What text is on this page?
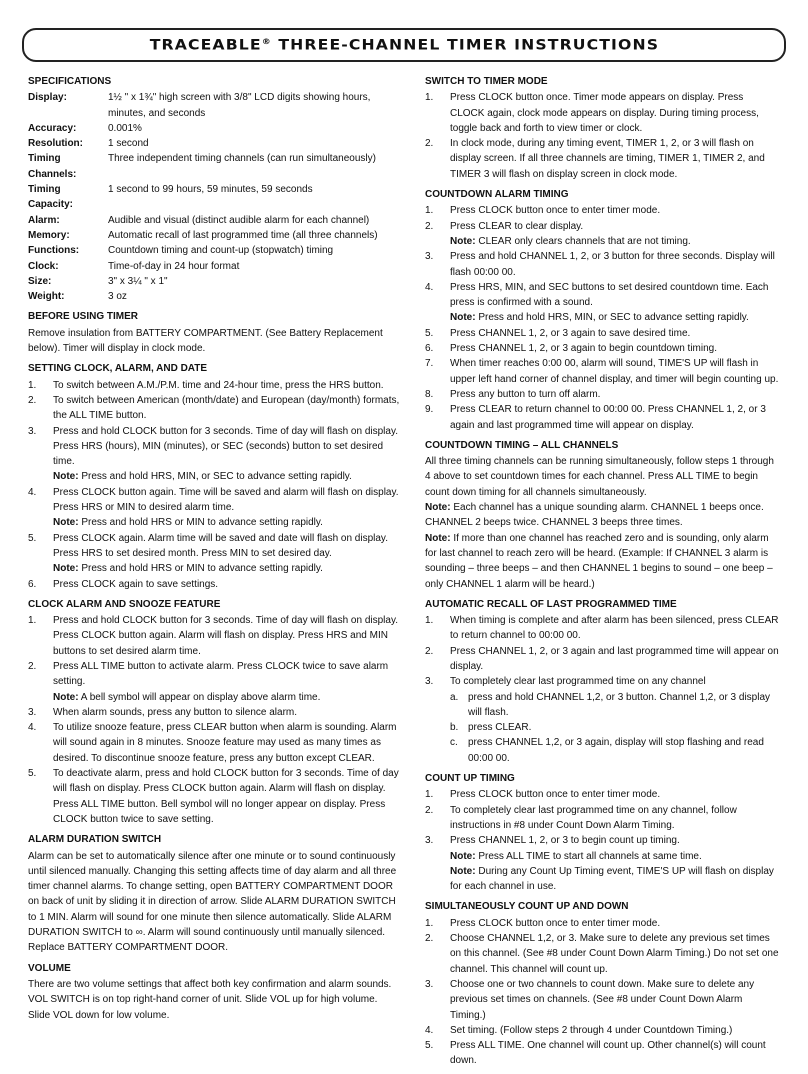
TRACEABLE® THREE-CHANNEL TIMER INSTRUCTIONS
SPECIFICATIONS
Display:	1½ " x 1¾" high screen with 3/8" LCD digits showing hours, minutes, and seconds
Accuracy:	0.001%
Resolution:	1 second
Timing Channels:
Three independent timing channels (can run simultaneously)
Timing Capacity:
1 second to 99 hours, 59 minutes, 59 seconds
Alarm:	Audible and visual (distinct audible alarm for each channel)
Memory:	Automatic recall of last programmed time (all three channels)
Functions:	Countdown timing and count-up (stopwatch) timing
Clock:	Time-of-day in 24 hour format
Size:	3" x 3¼ " x 1"
Weight:	3 oz
BEFORE USING TIMER

Remove insulation from BATTERY COMPARTMENT. (See Battery Replacement below). Timer will display in clock mode.

SETTING CLOCK, ALARM, AND DATE
1.	To switch between A.M./P.M. time and 24-hour time, press the HRS button.
2.	To switch between American (month/date) and European (day/month) formats, the ALL TIME button.
3.	Press and hold CLOCK button for 3 seconds. Time of day will flash on display. Press HRS (hours), MIN (minutes), or SEC (seconds) button to set desired time.
Note: Press and hold HRS, MIN, or SEC to advance setting rapidly.
4.	Press CLOCK button again. Time will be saved and alarm will flash on display. Press HRS or MIN to desired alarm time.
Note: Press and hold HRS or MIN to advance setting rapidly.
5.	Press CLOCK again. Alarm time will be saved and date will flash on display. Press HRS to set desired month. Press MIN to set desired day.
Note: Press and hold HRS or MIN to advance setting rapidly.
6.	Press CLOCK again to save settings.
CLOCK ALARM AND SNOOZE FEATURE
1.	Press and hold CLOCK button for 3 seconds. Time of day will flash on display. Press CLOCK button again. Alarm will flash on display. Press HRS and MIN buttons to set desired alarm time.
2.	Press ALL TIME button to activate alarm. Press CLOCK twice to save alarm setting.
Note: A bell symbol will appear on display above alarm time.
3.	When alarm sounds, press any button to silence alarm.
4.	To utilize snooze feature, press CLEAR button when alarm is sounding. Alarm will sound again in 8 minutes. Snooze feature may used as many times as desired. To discontinue snooze feature, press any button except CLEAR.
5.	To deactivate alarm, press and hold CLOCK button for 3 seconds. Time of day will flash on display. Press CLOCK button again. Alarm will flash on display. Press ALL TIME button. Bell symbol will no longer appear on display. Press CLOCK button twice to save setting.
ALARM DURATION SWITCH

Alarm can be set to automatically silence after one minute or to sound continuously until silenced manually. Changing this setting affects time of day alarm and all three timer channel alarms. To change setting, open BATTERY COMPARTMENT DOOR on back of unit by sliding it in direction of arrow. Slide ALARM DURATION SWITCH to 1 MIN. Alarm will sound for one minute then silence automatically. Slide ALARM DURATION SWITCH to ∞. Alarm will sound continuously until manually silenced. Replace BATTERY COMPARTMENT DOOR.

VOLUME

There are two volume settings that affect both key confirmation and alarm sounds. VOL SWITCH is on top right-hand corner of unit. Slide VOL up for high volume. Slide VOL down for low volume.

SWITCH TO TIMER MODE
1.	Press CLOCK button once. Timer mode appears on display. Press CLOCK again, clock mode appears on display. During timing process, toggle back and forth to view timer or clock.
2.	In clock mode, during any timing event, TIMER 1, 2, or 3 will flash on display screen. If all three channels are timing, TIMER 1, TIMER 2, and TIMER 3 will flash on display screen in clock mode.
COUNTDOWN ALARM TIMING
1.	Press CLOCK button once to enter timer mode.
2.	Press CLEAR to clear display.
Note: CLEAR only clears channels that are not timing.
3.	Press and hold CHANNEL 1, 2, or 3 button for three seconds. Display will flash 00:00 00.
4.	Press HRS, MIN, and SEC buttons to set desired countdown time. Each press is confirmed with a sound.
Note: Press and hold HRS, MIN, or SEC to advance setting rapidly.
5.	Press CHANNEL 1, 2, or 3 again to save desired time.
6.	Press CHANNEL 1, 2, or 3 again to begin countdown timing.
7.	When timer reaches 0:00 00, alarm will sound, TIME'S UP will flash in upper left hand corner of channel display, and timer will begin counting up.
8.	Press any button to turn off alarm.
9.	Press CLEAR to return channel to 00:00 00. Press CHANNEL 1, 2, or 3 again and last programmed time will appear on display.
COUNTDOWN TIMING – ALL CHANNELS

All three timing channels can be running simultaneously, follow steps 1 through 4 above to set countdown times for each channel. Press ALL TIME to begin count down timing for all channels simultaneously.

Note: Each channel has a unique sounding alarm. CHANNEL 1 beeps once. CHANNEL 2 beeps twice. CHANNEL 3 beeps three times.

Note: If more than one channel has reached zero and is sounding, only alarm for last channel to reach zero will be heard. (Example: If CHANNEL 3 alarm is sounding – three beeps – and then CHANNEL 1 begins to sound – one beep – only CHANNEL 1 alarm will be heard.)

AUTOMATIC RECALL OF LAST PROGRAMMED TIME
1.	When timing is complete and after alarm has been silenced, press CLEAR to return channel to 00:00 00.
2.	Press CHANNEL 1, 2, or 3 again and last programmed time will appear on display.
3.	To completely clear last programmed time on any channel
a. press and hold CHANNEL 1,2, or 3 button. Channel 1,2, or 3 display will flash.
b. press CLEAR.
c.	press CHANNEL 1,2, or 3 again, display will stop flashing and read 00:00 00.
COUNT UP TIMING
1.	Press CLOCK button once to enter timer mode.
2.	To completely clear last programmed time on any channel, follow instructions in #8 under Count Down Alarm Timing.
3.	Press CHANNEL 1, 2, or 3 to begin count up timing.
Note: Press ALL TIME to start all channels at same time.
Note: During any Count Up Timing event, TIME'S UP will flash on display for each channel in use.
SIMULTANEOUSLY COUNT UP AND DOWN
1.	Press CLOCK button once to enter timer mode.
2.	Choose CHANNEL 1,2, or 3. Make sure to delete any previous set times on this channel. (See #8 under Count Down Alarm Timing.) Do not set one channel. This channel will count up.
3.	Choose one or two channels to count down. Make sure to delete any previous set times on channels. (See #8 under Count Down Alarm Timing.)
4.	Set timing. (Follow steps 2 through 4 under Countdown Timing.)
5.	Press ALL TIME. One channel will count up. Other channel(s) will count down.
